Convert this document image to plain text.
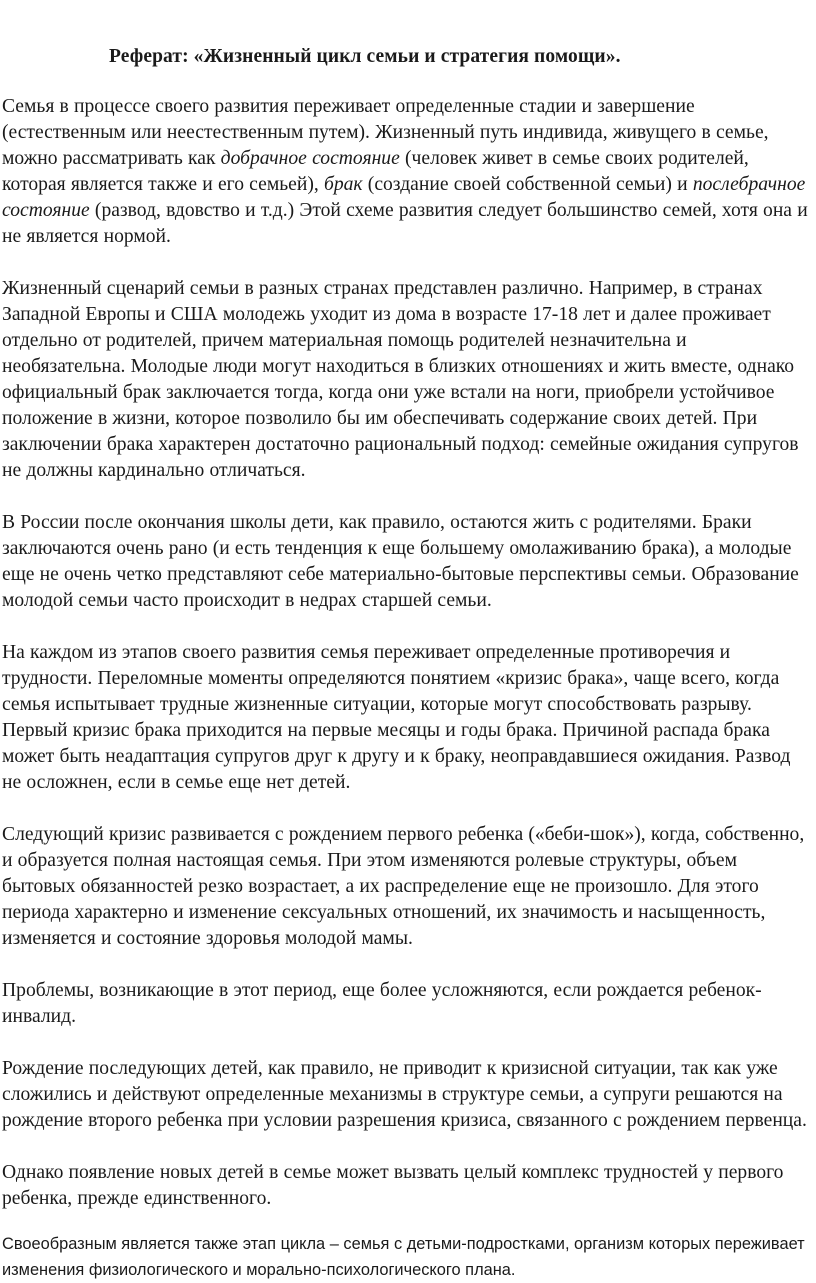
Реферат: «Жизненный цикл семьи и стратегия помощи».

Семья в процессе своего развития переживает определенные стадии и завершение (естественным или неестественным путем). Жизненный путь индивида, живущего в семье, можно рассматривать как добрачное состояние (человек живет в семье своих родителей, которая является также и его семьей), брак (создание своей собственной семьи) и послебрачное состояние (развод, вдовство и т.д.) Этой схеме развития следует большинство семей, хотя она и не является нормой.

Жизненный сценарий семьи в разных странах представлен различно. Например, в странах Западной Европы и США молодежь уходит из дома в возрасте 17-18 лет и далее проживает отдельно от родителей, причем материальная помощь родителей незначительна и необязательна. Молодые люди могут находиться в близких отношениях и жить вместе, однако официальный брак заключается тогда, когда они уже встали на ноги, приобрели устойчивое положение в жизни, которое позволило бы им обеспечивать содержание своих детей. При заключении брака характерен достаточно рациональный подход: семейные ожидания супругов не должны кардинально отличаться.

В России после окончания школы дети, как правило, остаются жить с родителями. Браки заключаются очень рано (и есть тенденция к еще большему омолаживанию брака), а молодые еще не очень четко представляют себе материально-бытовые перспективы семьи. Образование молодой семьи часто происходит в недрах старшей семьи.

На каждом из этапов своего развития семья переживает определенные противоречия и трудности. Переломные моменты определяются понятием «кризис брака», чаще всего, когда семья испытывает трудные жизненные ситуации, которые могут способствовать разрыву. Первый кризис брака приходится на первые месяцы и годы брака. Причиной распада брака может быть неадаптация супругов друг к другу и к браку, неоправдавшиеся ожидания. Развод не осложнен, если в семье еще нет детей.

Следующий кризис развивается с рождением первого ребенка («беби-шок»), когда, собственно, и образуется полная настоящая семья. При этом изменяются ролевые структуры, объем бытовых обязанностей резко возрастает, а их распределение еще не произошло. Для этого периода характерно и изменение сексуальных отношений, их значимость и насыщенность, изменяется и состояние здоровья молодой мамы.

Проблемы, возникающие в этот период, еще более усложняются, если рождается ребенок-инвалид.

Рождение последующих детей, как правило, не приводит к кризисной ситуации, так как уже сложились и действуют определенные механизмы в структуре семьи, а супруги решаются на рождение второго ребенка при условии разрешения кризиса, связанного с рождением первенца.

Однако появление новых детей в семье может вызвать целый комплекс трудностей у первого ребенка, прежде единственного.

Своеобразным является также этап цикла – семья с детьми-подростками, организм которых переживает изменения физиологического и морально-психологического плана.
